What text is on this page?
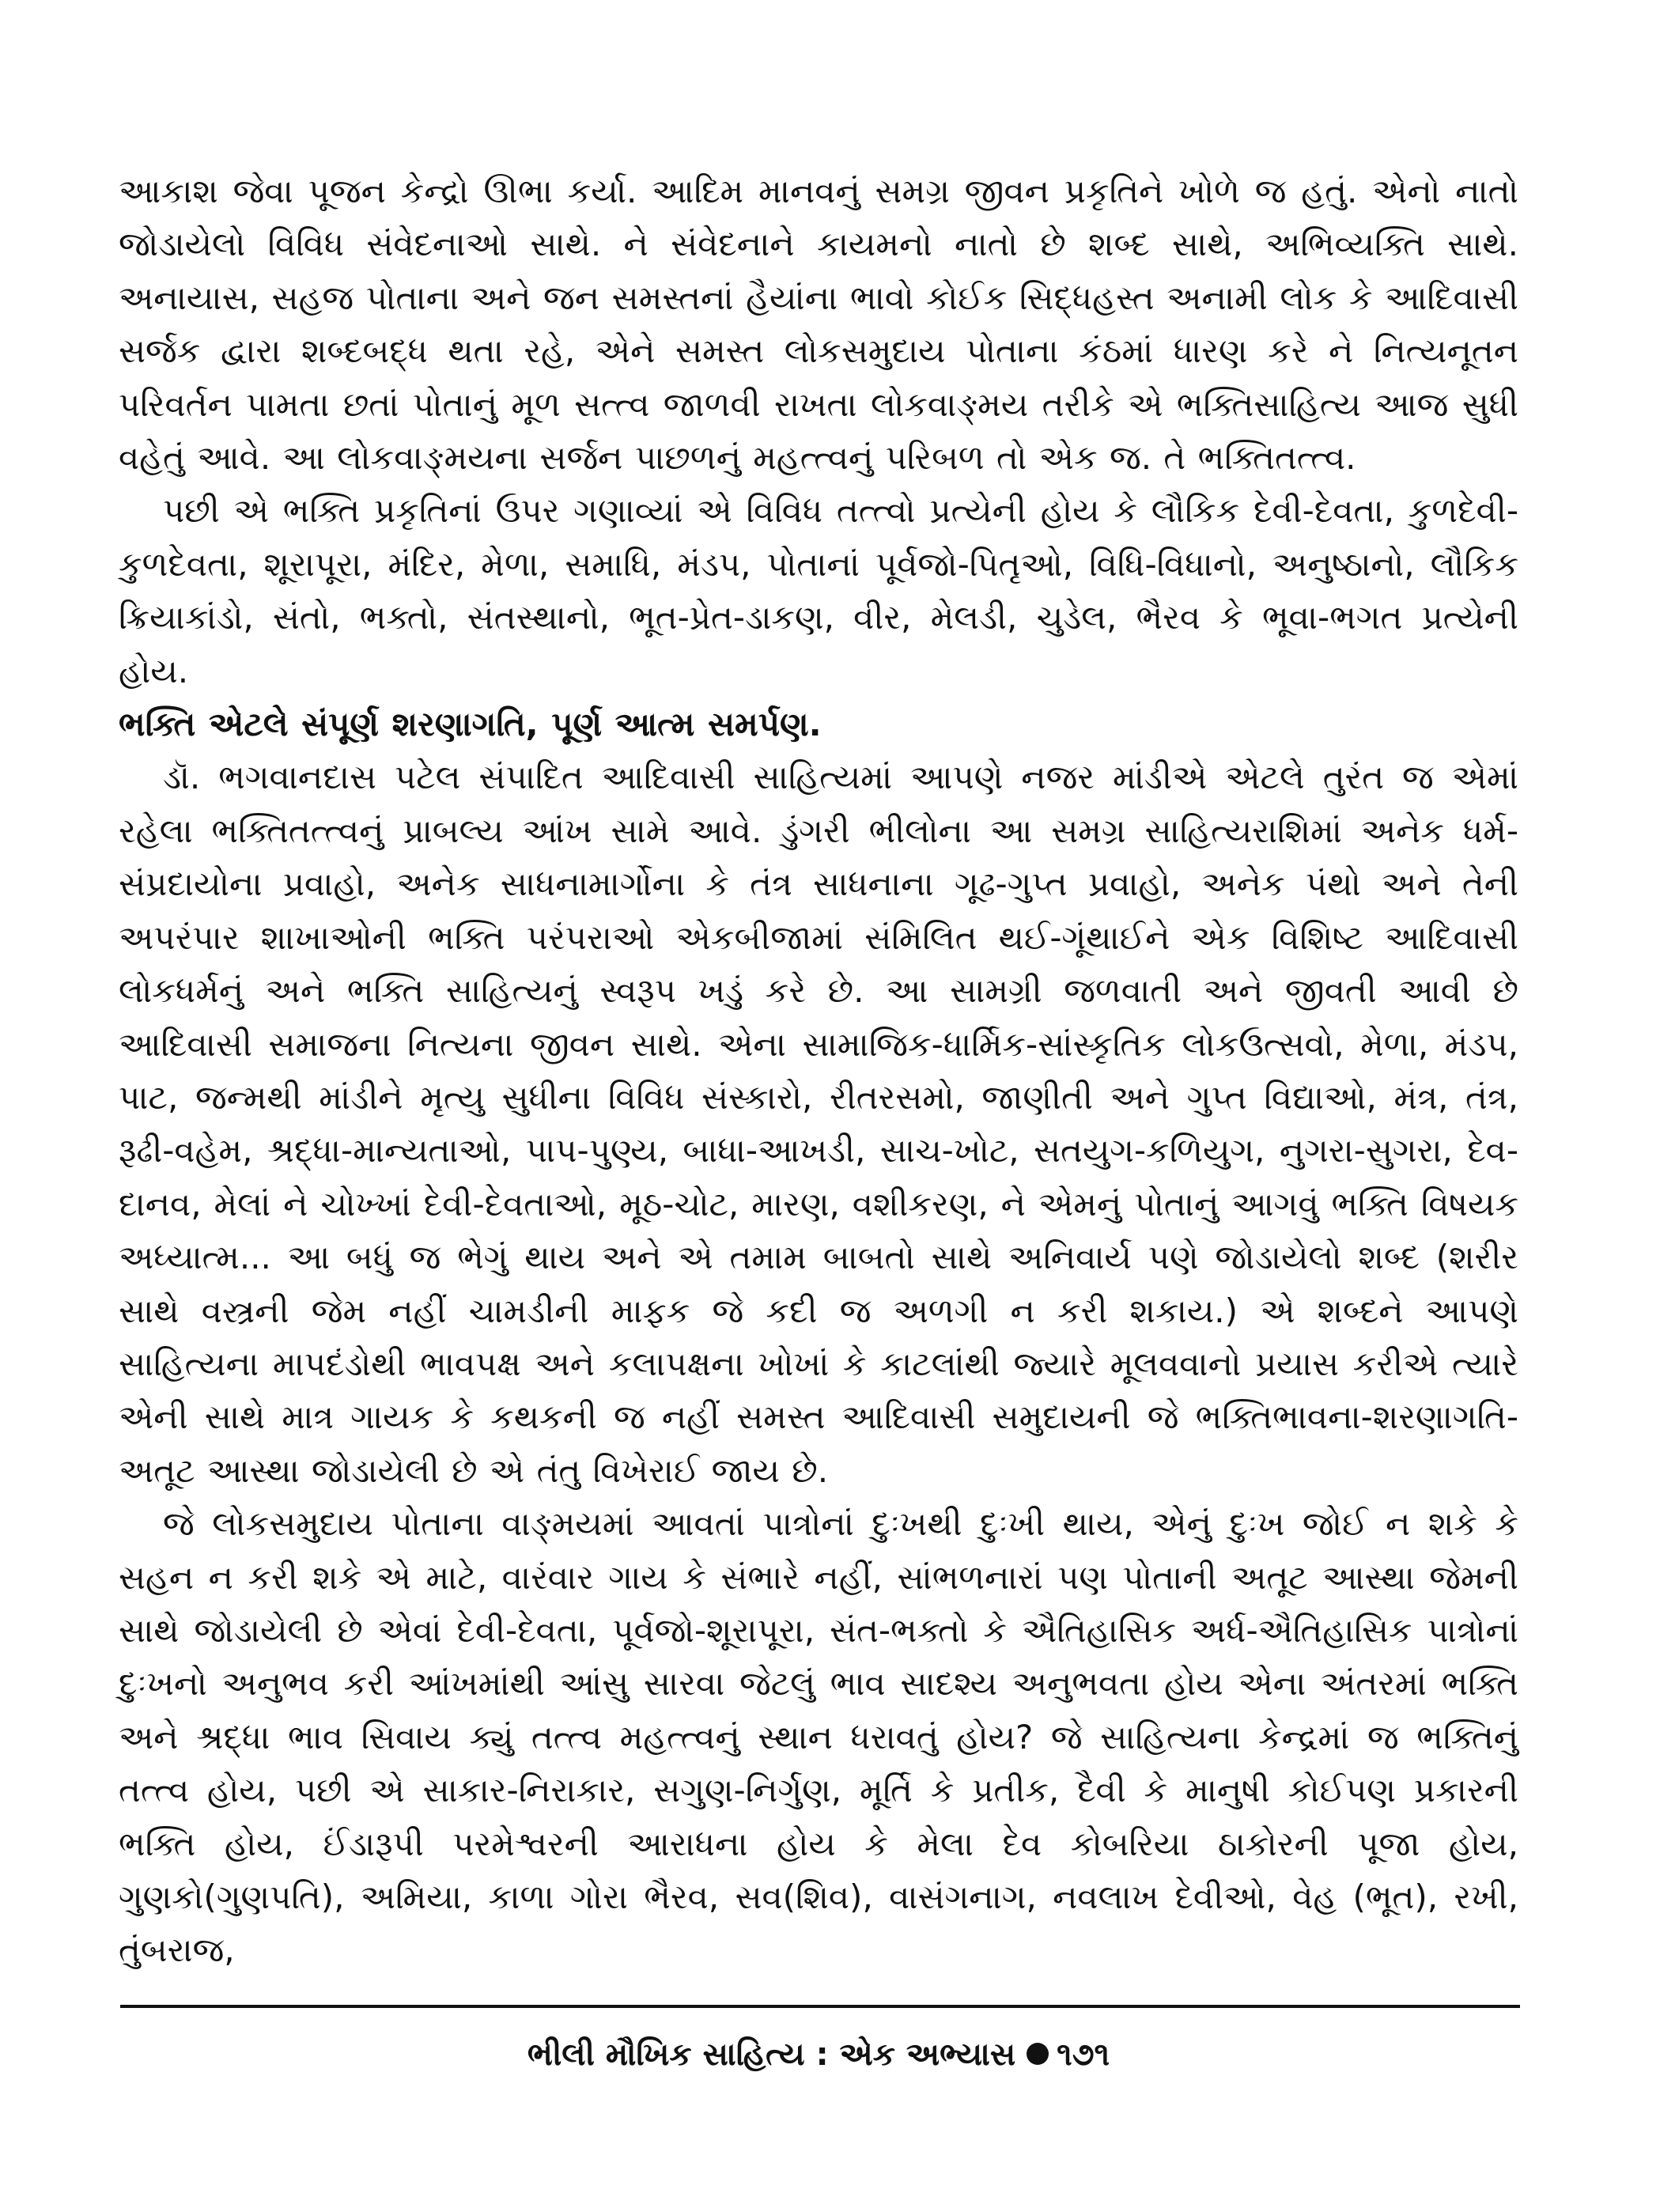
આકાશ જેવા પૂજન કેન્દ્રો ઊભા કર્યા. આદિમ માનવનું સમગ્ર જીવન પ્રકૃતિને ખોળે જ હતું. એનો નાતો જોડાયેલો વિવિધ સંવેદનાઓ સાથે. ને સંવેદનાને કાયમનો નાતો છે શબ્દ સાથે, અભિવ્યક્તિ સાથે. અનાયાસ, સહજ પોતાના અને જન સમસ્તનાં હૈયાંના ભાવો કોઈક સિદ્ધહસ્ત અનામી લોક કે આદિવાસી સર્જક દ્વારા શબ્દબદ્ધ થતા રહે, એને સમસ્ત લોકસમુદાય પોતાના કંઠમાં ધારણ કરે ને નિત્યનૂતન પરિવર્તન પામતા છતાં પોતાનું મૂળ સત્ત્વ જાળવી રાખતા લોકવાઙ્મય તરીકે એ ભક્તિસાહિત્ય આજ સુધી વહેતું આવે. આ લોકવાઙ્મયના સર્જન પાછળનું મહત્ત્વનું પરિબળ તો એક જ. તે ભક્તિતત્ત્વ.

પછી એ ભક્તિ પ્રકૃતિનાં ઉપર ગણાવ્યાં એ વિવિધ તત્ત્વો પ્રત્યેની હોય કે લૌકિક દેવી-દેવતા, કુળદેવી-કુળદેવતા, શૂરાપૂરા, મંદિર, મેળા, સમાધિ, મંડપ, પોતાનાં પૂર્વજો-પિતૃઓ, વિધિ-વિધાનો, અનુષ્ઠાનો, લૌકિક ક્રિયાકાંડો, સંતો, ભક્તો, સંતસ્થાનો, ભૂત-પ્રેત-ડાકણ, વીર, મેલડી, ચુડેલ, ભૈરવ કે ભૂવા-ભગત પ્રત્યેની હોય.

ભક્તિ એટલે સંપૂર્ણ શરણાગતિ, પૂર્ણ આત્મ સમર્પણ.

ડૉ. ભગવાનદાસ પટેલ સંપાદિત આદિવાસી સાહિત્યમાં આપણે નજર માંડીએ એટલે તુરંત જ એમાં રહેલા ભક્તિતત્ત્વનું પ્રાબલ્ય આંખ સામે આવે. ડુંગરી ભીલોના આ સમગ્ર સાહિત્યરાશિમાં અનેક ધર્મ-સંપ્રદાયોના પ્રવાહો, અનેક સાધનામાર્ગોના કે તંત્ર સાધનાના ગૂઢ-ગુપ્ત પ્રવાહો, અનેક પંથો અને તેની અપરંપાર શાખાઓની ભક્તિ પરંપરાઓ એકબીજામાં સંમિલિત થઈ-ગૂંથાઈને એક વિશિષ્ટ આદિવાસી લોકધર્મનું અને ભક્તિ સાહિત્યનું સ્વરૂપ ખડું કરે છે. આ સામગ્રી જળવાતી અને જીવતી આવી છે આદિવાસી સમાજના નિત્યના જીવન સાથે. એના સામાજિક-ધાર્મિક-સાંસ્કૃતિક લોકઉત્સવો, મેળા, મંડપ, પાટ, જન્મથી માંડીને મૃત્યુ સુધીના વિવિધ સંસ્કારો, રીતરસમો, જાણીતી અને ગુપ્ત વિદ્યાઓ, મંત્ર, તંત્ર, રૂઢી-વહેમ, શ્રદ્ધા-માન્યતાઓ, પાપ-પુણ્ય, બાધા-આખડી, સાચ-ખોટ, સતયુગ-કળિયુગ, નુગરા-સુગરા, દેવ-દાનવ, મેલાં ને ચોખ્ખાં દેવી-દેવતાઓ, મૂઠ-ચોટ, મારણ, વશીકરણ, ને એમનું પોતાનું આગવું ભક્તિ વિષયક અધ્યાત્મ... આ બધું જ ભેગું થાય અને એ તમામ બાબતો સાથે અનિવાર્ય પણે જોડાયેલો શબ્દ (શરીર સાથે વસ્ત્રની જેમ નહીં ચામડીની માફક જે કદી જ અળગી ન કરી શકાય.) એ શબ્દને આપણે સાહિત્યના માપદંડોથી ભાવપક્ષ અને કલાપક્ષના ખોખાં કે કાટલાંથી જ્યારે મૂલવવાનો પ્રયાસ કરીએ ત્યારે એની સાથે માત્ર ગાયક કે કથકની જ નહીં સમસ્ત આદિવાસી સમુદાયની જે ભક્તિભાવના-શરણાગતિ-અતૂટ આસ્થા જોડાયેલી છે એ તંતુ વિખેરાઈ જાય છે.

જે લોકસમુદાય પોતાના વાઙ્મયમાં આવતાં પાત્રોનાં દુઃખથી દુઃખી થાય, એનું દુઃખ જોઈ ન શકે કે સહન ન કરી શકે એ માટે, વારંવાર ગાય કે સંભારે નહીં, સાંભળનારાં પણ પોતાની અતૂટ આસ્થા જેમની સાથે જોડાયેલી છે એવાં દેવી-દેવતા, પૂર્વજો-શૂરાપૂરા, સંત-ભક્તો કે ઐતિહાસિક અર્ધ-ઐતિહાસિક પાત્રોનાં દુઃખનો અનુભવ કરી આંખમાંથી આંસુ સારવા જેટલું ભાવ સાદશ્ય અનુભવતા હોય એના અંતરમાં ભક્તિ અને શ્રદ્ધા ભાવ સિવાય ક્યું તત્ત્વ મહત્ત્વનું સ્થાન ધરાવતું હોય? જે સાહિત્યના કેન્દ્રમાં જ ભક્તિનું તત્ત્વ હોય, પછી એ સાકાર-નિરાકાર, સગુણ-નિર્ગુણ, મૂર્તિ કે પ્રતીક, દૈવી કે માનુષી કોઈપણ પ્રકારની ભક્તિ હોય, ઈંડારૂપી પરમેશ્વરની આરાધના હોય કે મેલા દેવ કોબરિયા ઠાકોરની પૂજા હોય, ગુણકો(ગુણપતિ), અમિયા, કાળા ગોરા ભૈરવ, સવ(શિવ), વાસંગનાગ, નવલાખ દેવીઓ, વેહ (ભૂત), રખી, તુંબરાજ,

ભીલી મૌખિક સાહિત્ય : એક અભ્યાસ ૧૭૧
